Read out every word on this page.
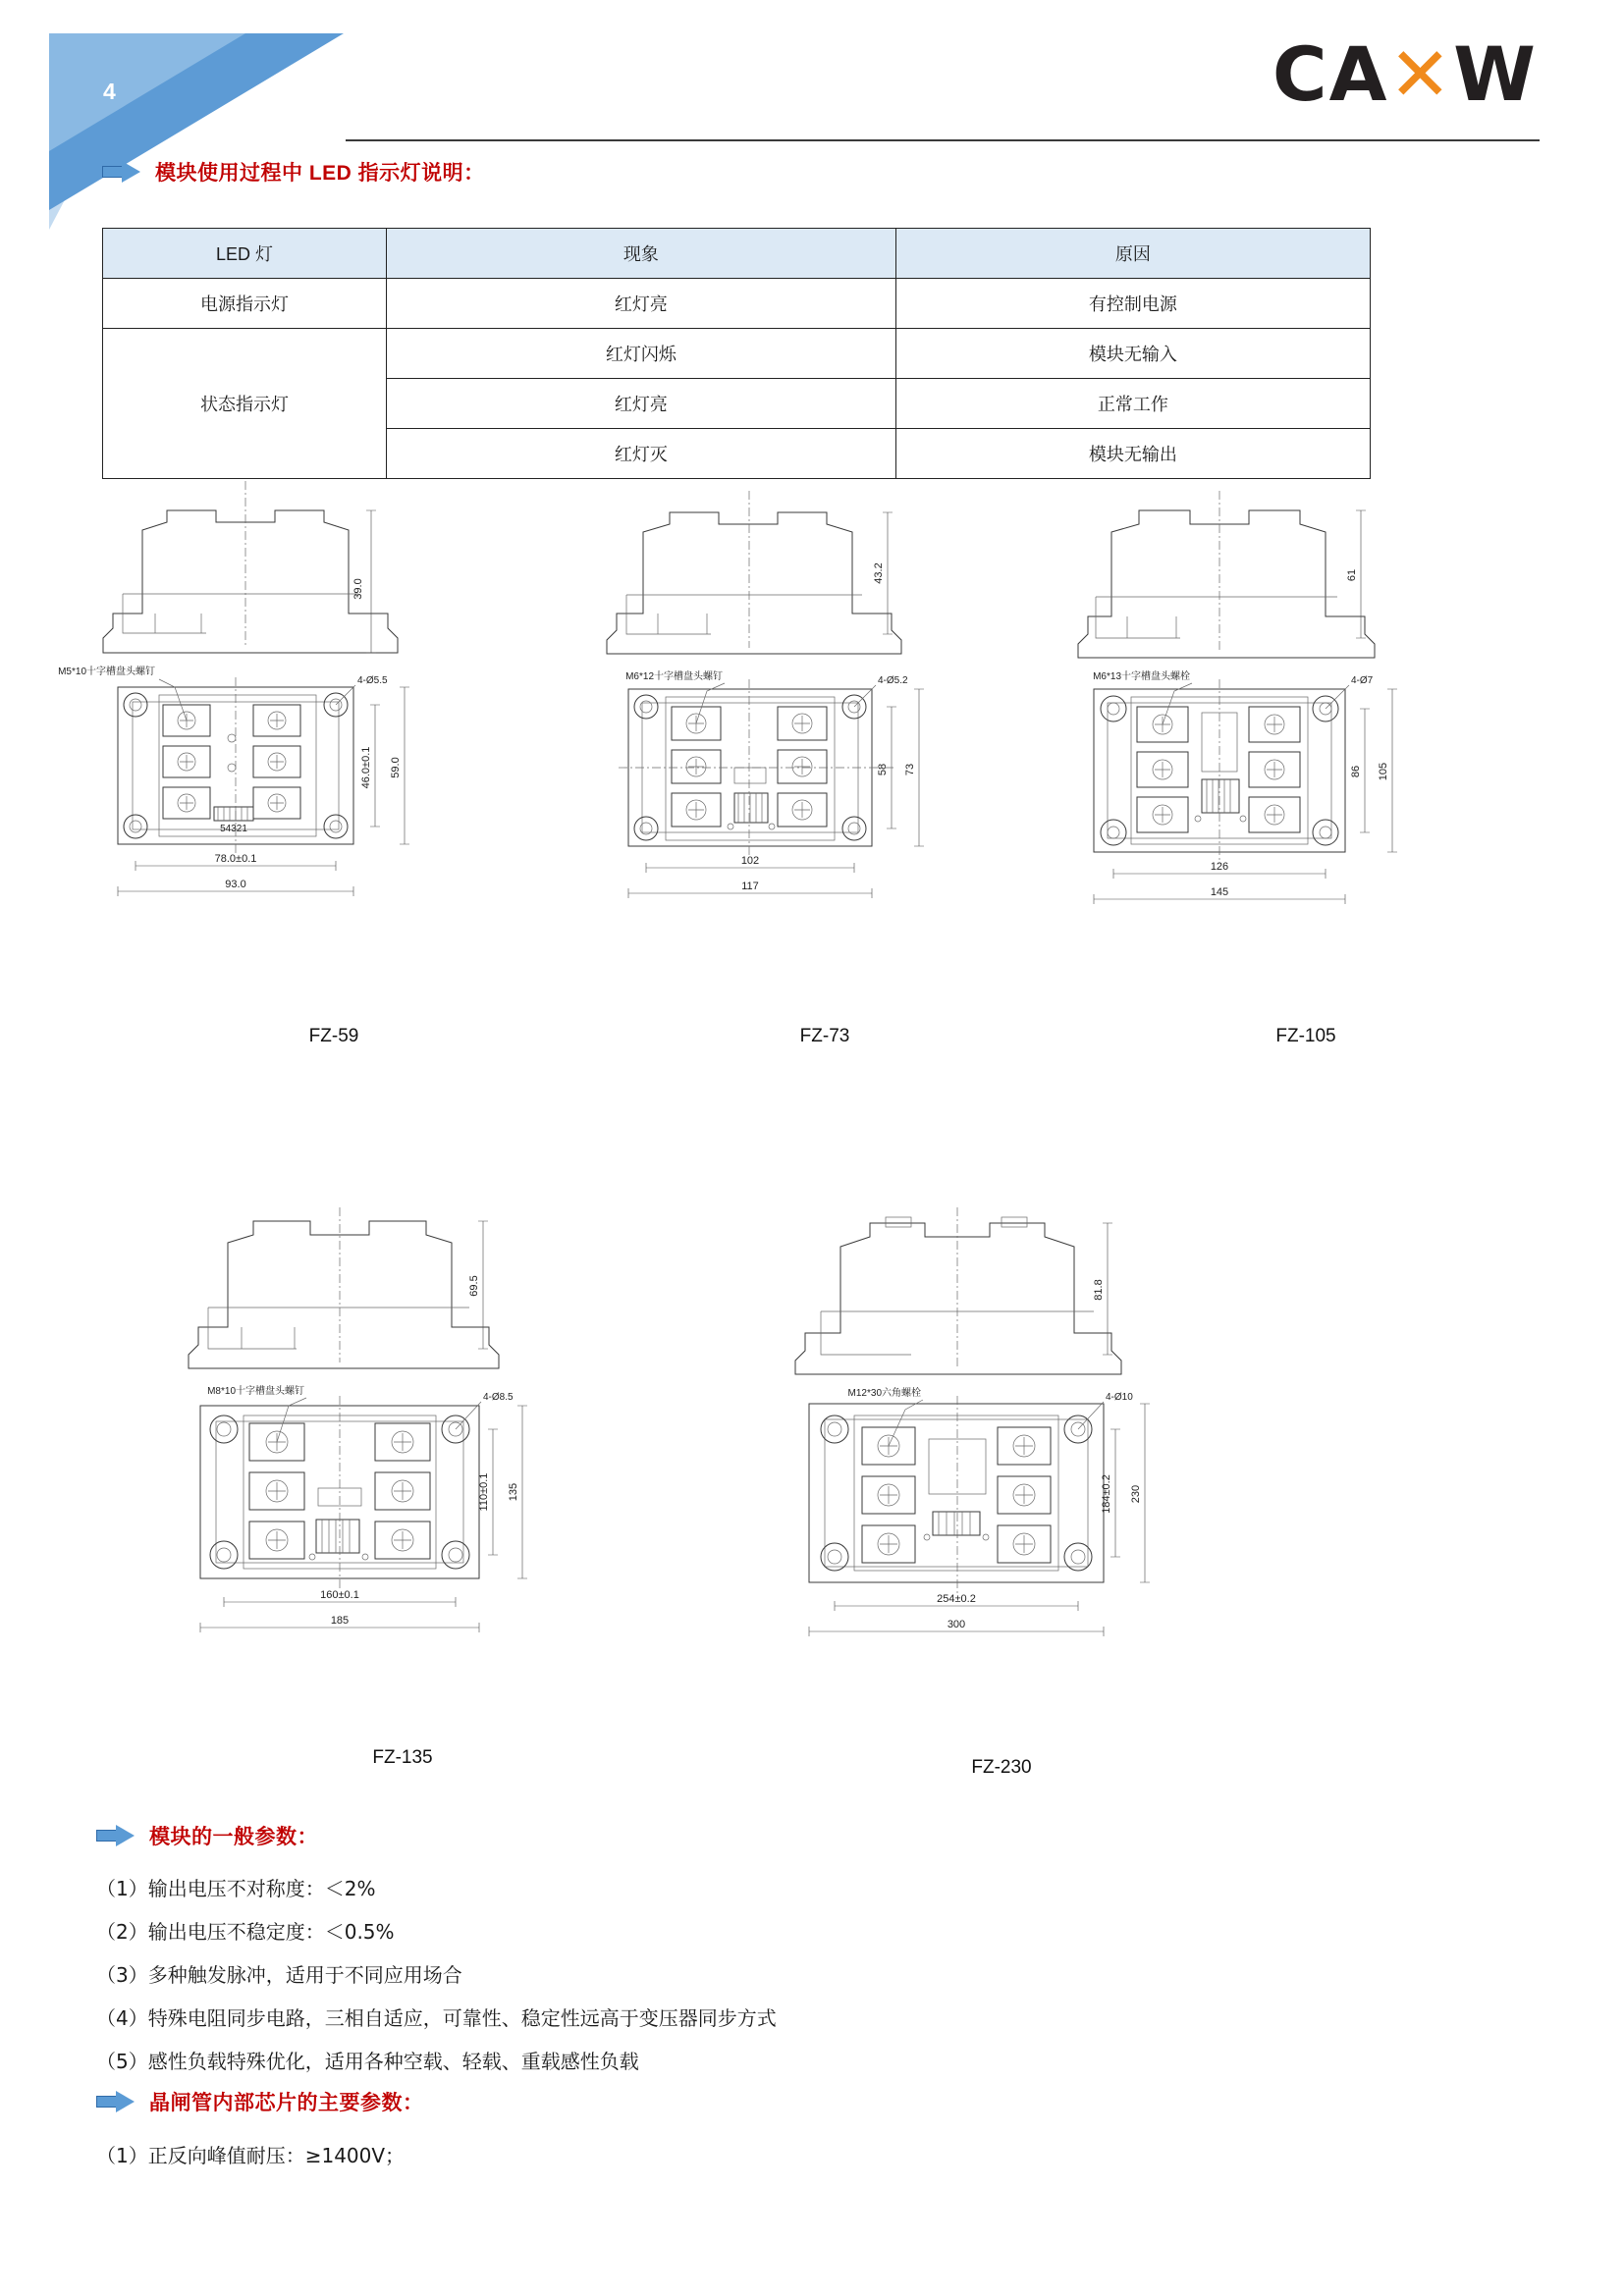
4	CA✕W
模块使用过程中 LED 指示灯说明：
LED 灯	现象	原因
电源指示灯	红灯亮	有控制电源
状态指示灯	红灯闪烁	模块无输入
	红灯亮	正常工作
	红灯灭	模块无输出
39.0
54321
M5*10十字槽盘头螺钉
4-Ø5.5
46.0±0.1 59.0
78.0±0.1
93.0
FZ-59
43.2
M6*12十字槽盘头螺钉	4-Ø5.2
58 73
102
117
FZ-73
61
M6*13十字槽盘头螺栓	4-Ø7
86 105
126
145
FZ-105
69.5
M8*10十字槽盘头螺钉
4-Ø8.5
110±0.1 135
160±0.1
185
FZ-135
81.8
M12*30六角螺栓	4-Ø10
184±0.2 230
254±0.2
300
FZ-230
模块的一般参数：
（1）输出电压不对称度：＜2%
（2）输出电压不稳定度：＜0.5%
（3）多种触发脉冲，适用于不同应用场合
（4）特殊电阻同步电路，三相自适应，可靠性、稳定性远高于变压器同步方式
（5）感性负载特殊优化，适用各种空载、轻载、重载感性负载
晶闸管内部芯片的主要参数：
（1）正反向峰值耐压：≥1400V；
